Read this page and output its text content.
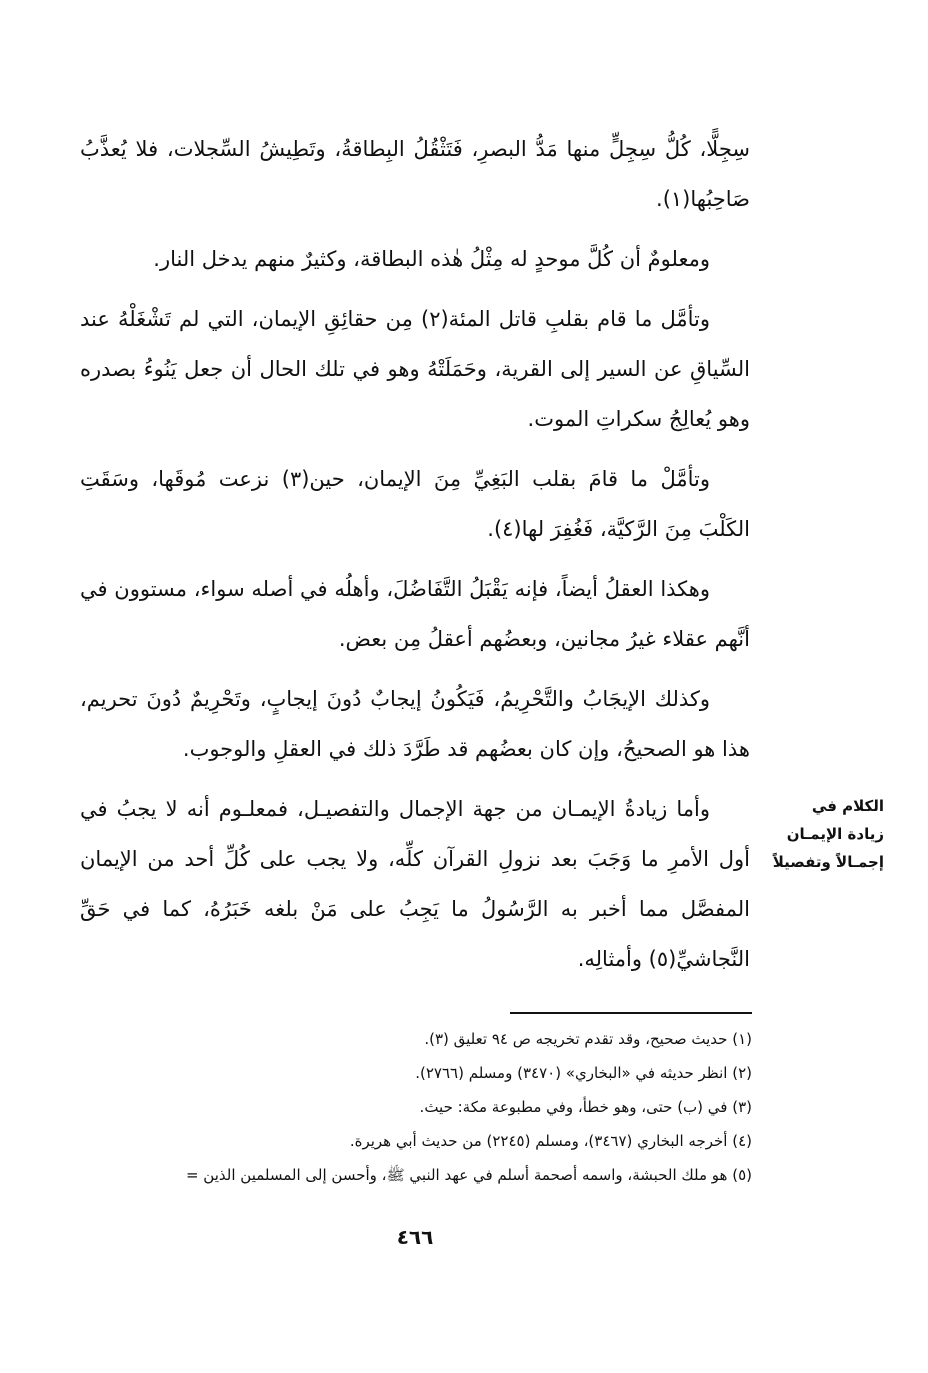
سِجِلًّا، كُلُّ سِجِلٍّ منها مَدُّ البصرِ، فَتَثْقُلُ البِطاقةُ، وتَطِيشُ السِّجلات، فلا يُعذَّبُ صَاحِبُها(١).

ومعلومٌ أن كُلَّ موحدٍ له مِثْلُ هٰذه البطاقة، وكثيرٌ منهم يدخل النار.

وتأمَّل ما قام بقلبِ قاتل المئة(٢) مِن حقائِقِ الإيمان، التي لم تَشْغَلْهُ عند السِّياقِ عن السير إلى القرية، وحَمَلَتْهُ وهو في تلك الحال أن جعل يَنُوءُ بصدره وهو يُعالِجُ سكراتِ الموت.

وتأمَّلْ ما قامَ بقلب البَغِيِّ مِنَ الإيمان، حين(٣) نزعت مُوقَها، وسَقَتِ الكَلْبَ مِنَ الرَّكيَّة، فَغُفِرَ لها(٤).

وهكذا العقلُ أيضاً، فإنه يَقْبَلُ التَّفَاضُلَ، وأهلُه في أصله سواء، مستوون في أنَّهم عقلاء غيرُ مجانين، وبعضُهم أعقلُ مِن بعض.

وكذلك الإيجَابُ والتَّحْرِيمُ، فَيَكُونُ إيجابٌ دُونَ إيجابٍ، وتَحْرِيمٌ دُونَ تحريم، هذا هو الصحيحُ، وإن كان بعضُهم قد طَرَّدَ ذلك في العقلِ والوجوب.

وأما زيادةُ الإيمـان من جهة الإجمال والتفصيـل، فمعلـوم أنه لا يجبُ في أول الأمرِ ما وَجَبَ بعد نزولِ القرآن كلِّه، ولا يجب على كُلِّ أحد من الإيمان المفصَّل مما أخبر به الرَّسُولُ ما يَجِبُ على مَنْ بلغه خَبَرُهُ، كما في حَقِّ النَّجاشيِّ(٥) وأمثالِه.

الكلام في زيادة الإيمـان إجمـالاً وتفصيلاً
(١) حديث صحيح، وقد تقدم تخريجه ص ٩٤ تعليق (٣).
(٢) انظر حديثه في «البخاري» (٣٤٧٠) ومسلم (٢٧٦٦).
(٣) في (ب) حتى، وهو خطأ، وفي مطبوعة مكة: حيث.
(٤) أخرجه البخاري (٣٤٦٧)، ومسلم (٢٢٤٥) من حديث أبي هريرة.
(٥) هو ملك الحبشة، واسمه أصحمة أسلم في عهد النبي ﷺ، وأحسن إلى المسلمين الذين =
٤٦٦
